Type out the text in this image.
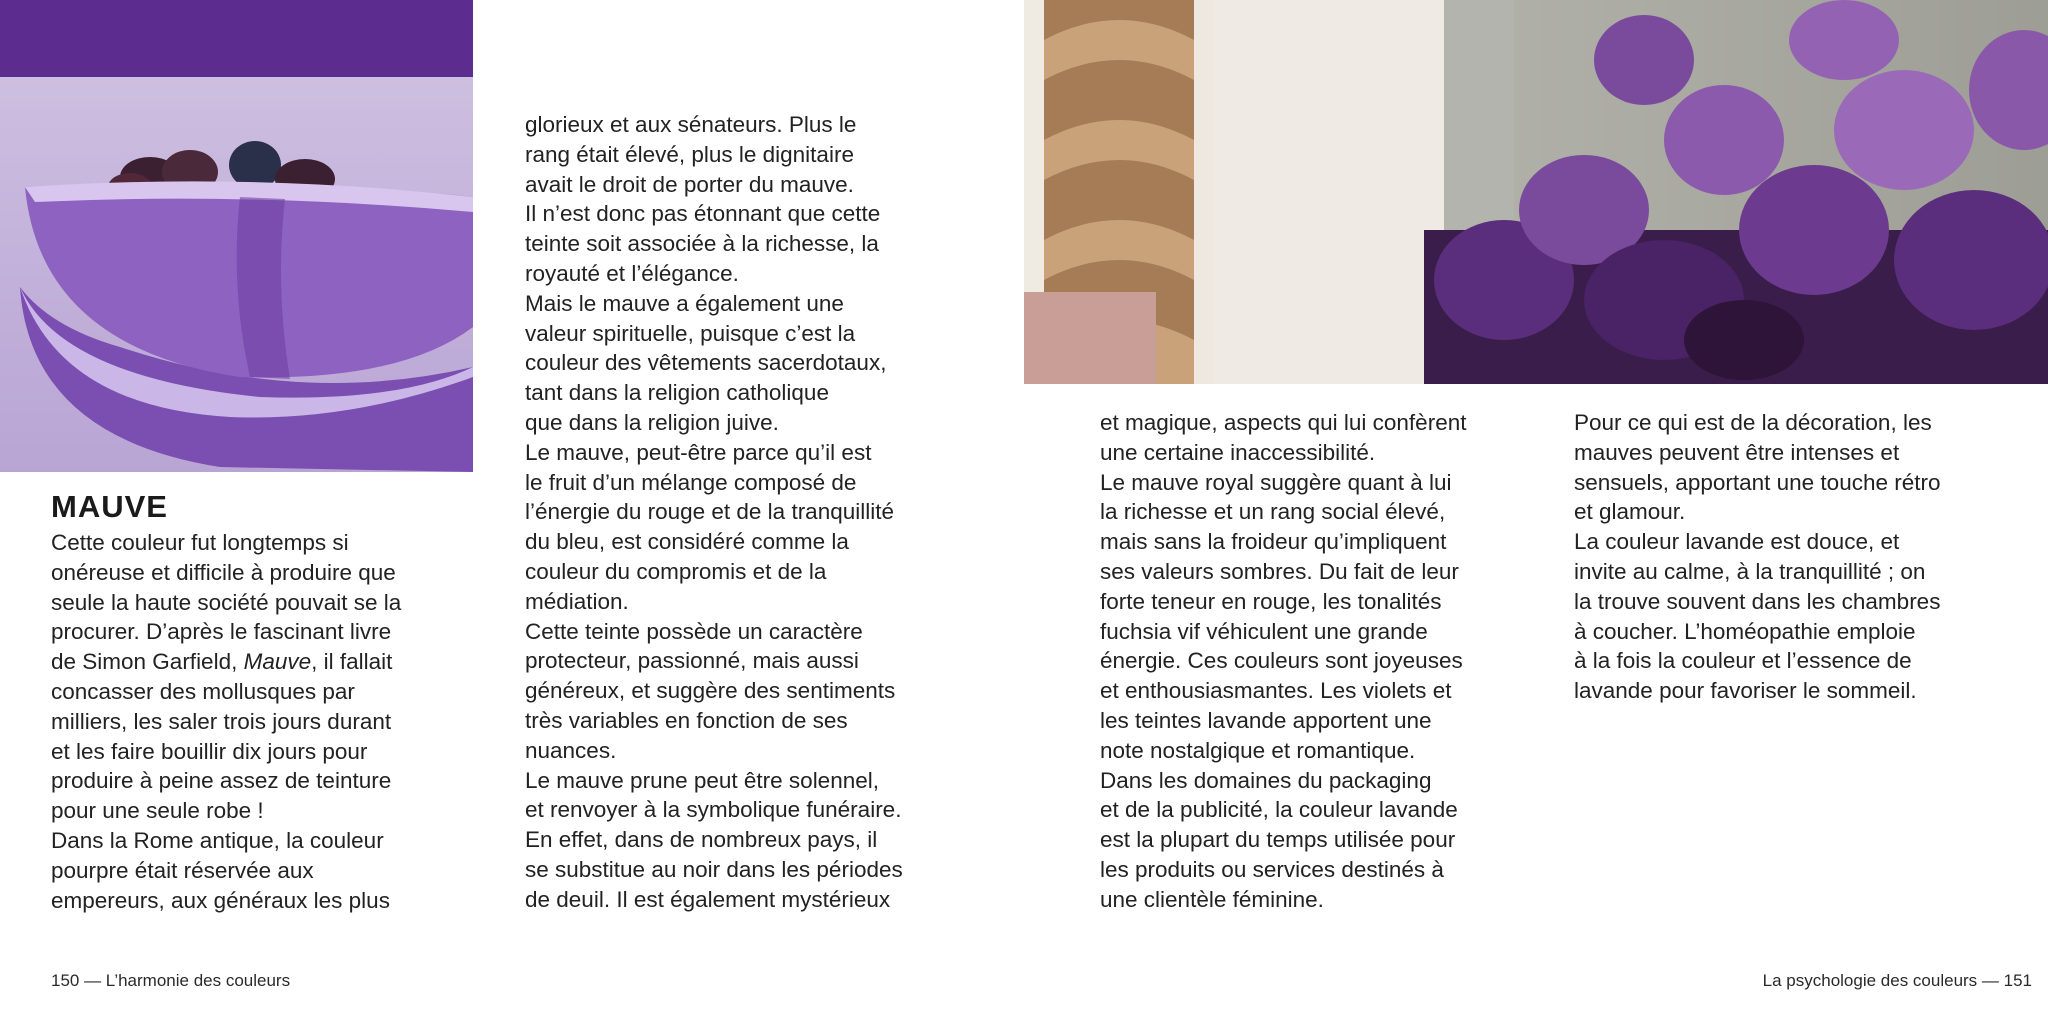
MAUVE
Cette couleur fut longtemps si
onéreuse et difficile à produire que
seule la haute société pouvait se la
procurer. D’après le fascinant livre
de Simon Garfield, Mauve, il fallait
concasser des mollusques par
milliers, les saler trois jours durant
et les faire bouillir dix jours pour
produire à peine assez de teinture
pour une seule robe !
Dans la Rome antique, la couleur
pourpre était réservée aux
empereurs, aux généraux les plus
glorieux et aux sénateurs. Plus le
rang était élevé, plus le dignitaire
avait le droit de porter du mauve.
Il n’est donc pas étonnant que cette
teinte soit associée à la richesse, la
royauté et l’élégance.
Mais le mauve a également une
valeur spirituelle, puisque c’est la
couleur des vêtements sacerdotaux,
tant dans la religion catholique
que dans la religion juive.
Le mauve, peut-être parce qu’il est
le fruit d’un mélange composé de
l’énergie du rouge et de la tranquillité
du bleu, est considéré comme la
couleur du compromis et de la
médiation.
Cette teinte possède un caractère
protecteur, passionné, mais aussi
généreux, et suggère des sentiments
très variables en fonction de ses
nuances.
Le mauve prune peut être solennel,
et renvoyer à la symbolique funéraire.
En effet, dans de nombreux pays, il
se substitue au noir dans les périodes
de deuil. Il est également mystérieux
et magique, aspects qui lui confèrent
une certaine inaccessibilité.
Le mauve royal suggère quant à lui
la richesse et un rang social élevé,
mais sans la froideur qu’impliquent
ses valeurs sombres. Du fait de leur
forte teneur en rouge, les tonalités
fuchsia vif véhiculent une grande
énergie. Ces couleurs sont joyeuses
et enthousiasmantes. Les violets et
les teintes lavande apportent une
note nostalgique et romantique.
Dans les domaines du packaging
et de la publicité, la couleur lavande
est la plupart du temps utilisée pour
les produits ou services destinés à
une clientèle féminine.
Pour ce qui est de la décoration, les
mauves peuvent être intenses et
sensuels, apportant une touche rétro
et glamour.
La couleur lavande est douce, et
invite au calme, à la tranquillité ; on
la trouve souvent dans les chambres
à coucher. L’homéopathie emploie
à la fois la couleur et l’essence de
lavande pour favoriser le sommeil.
150 — L’harmonie des couleurs	La psychologie des couleurs — 151
